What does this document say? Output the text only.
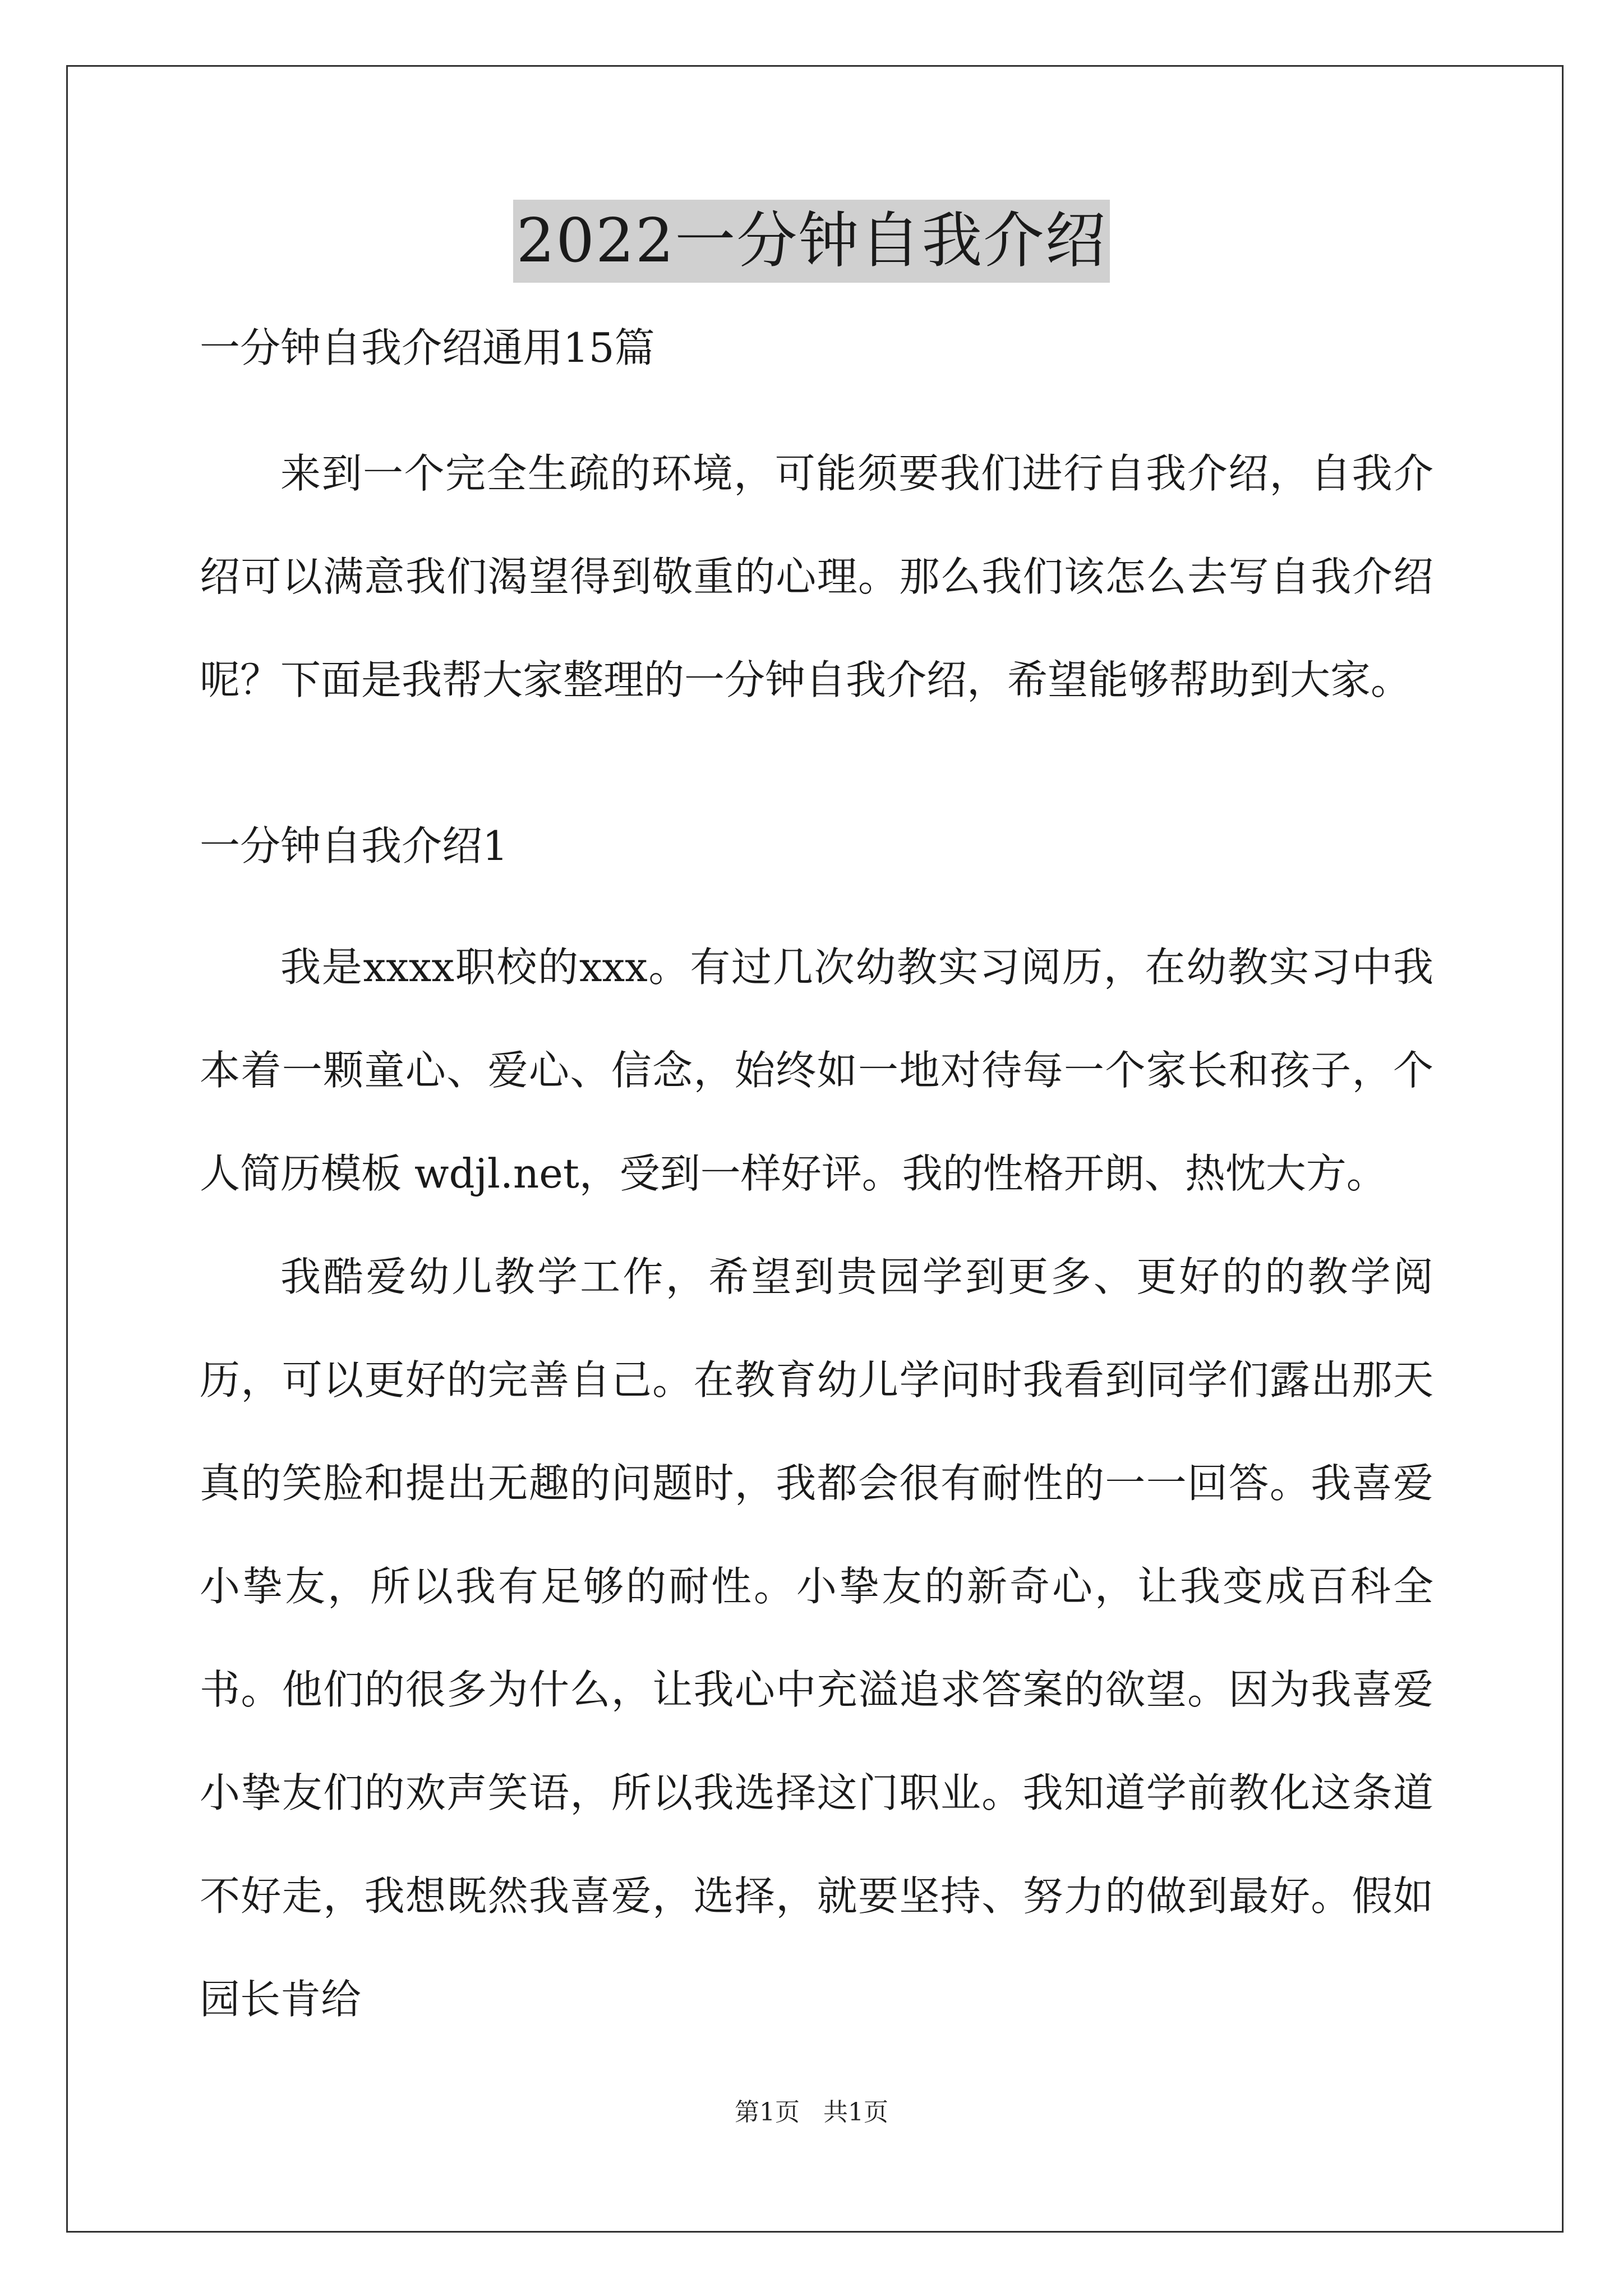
2022一分钟自我介绍

一分钟自我介绍通用15篇

来到一个完全生疏的环境，可能须要我们进行自我介绍，自我介绍可以满意我们渴望得到敬重的心理。那么我们该怎么去写自我介绍呢？下面是我帮大家整理的一分钟自我介绍，希望能够帮助到大家。

一分钟自我介绍1

我是xxxx职校的xxx。有过几次幼教实习阅历，在幼教实习中我本着一颗童心、爱心、信念，始终如一地对待每一个家长和孩子，个人简历模板 wdjl.net，受到一样好评。我的性格开朗、热忱大方。

我酷爱幼儿教学工作，希望到贵园学到更多、更好的的教学阅历，可以更好的完善自己。在教育幼儿学问时我看到同学们露出那天真的笑脸和提出无趣的问题时，我都会很有耐性的一一回答。我喜爱小挚友，所以我有足够的耐性。小挚友的新奇心，让我变成百科全书。他们的很多为什么，让我心中充溢追求答案的欲望。因为我喜爱小挚友们的欢声笑语，所以我选择这门职业。我知道学前教化这条道不好走，我想既然我喜爱，选择，就要坚持、努力的做到最好。假如园长肯给

第1页 共1页
